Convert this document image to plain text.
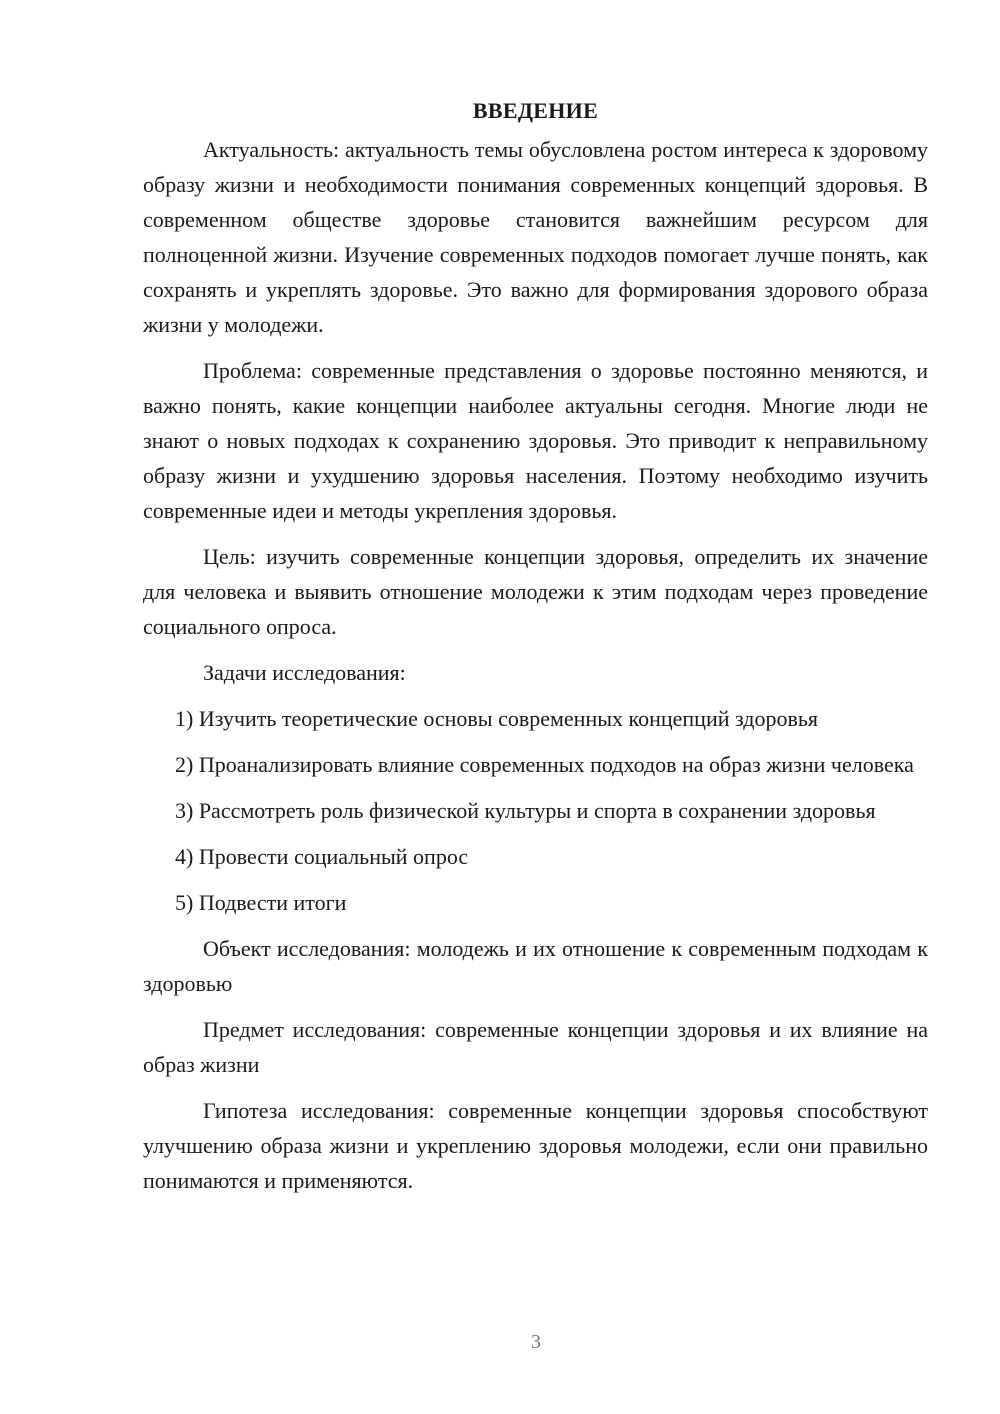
ВВЕДЕНИЕ

Актуальность: актуальность темы обусловлена ростом интереса к здоровому образу жизни и необходимости понимания современных концепций здоровья. В современном обществе здоровье становится важнейшим ресурсом для полноценной жизни. Изучение современных подходов помогает лучше понять, как сохранять и укреплять здоровье. Это важно для формирования здорового образа жизни у молодежи.

Проблема: современные представления о здоровье постоянно меняются, и важно понять, какие концепции наиболее актуальны сегодня. Многие люди не знают о новых подходах к сохранению здоровья. Это приводит к неправильному образу жизни и ухудшению здоровья населения. Поэтому необходимо изучить современные идеи и методы укрепления здоровья.

Цель: изучить современные концепции здоровья, определить их значение для человека и выявить отношение молодежи к этим подходам через проведение социального опроса.

Задачи исследования:

1) Изучить теоретические основы современных концепций здоровья

2) Проанализировать влияние современных подходов на образ жизни человека

3) Рассмотреть роль физической культуры и спорта в сохранении здоровья

4) Провести социальный опрос

5) Подвести итоги

Объект исследования: молодежь и их отношение к современным подходам к здоровью

Предмет исследования: современные концепции здоровья и их влияние на образ жизни

Гипотеза исследования: современные концепции здоровья способствуют улучшению образа жизни и укреплению здоровья молодежи, если они правильно понимаются и применяются.

3
